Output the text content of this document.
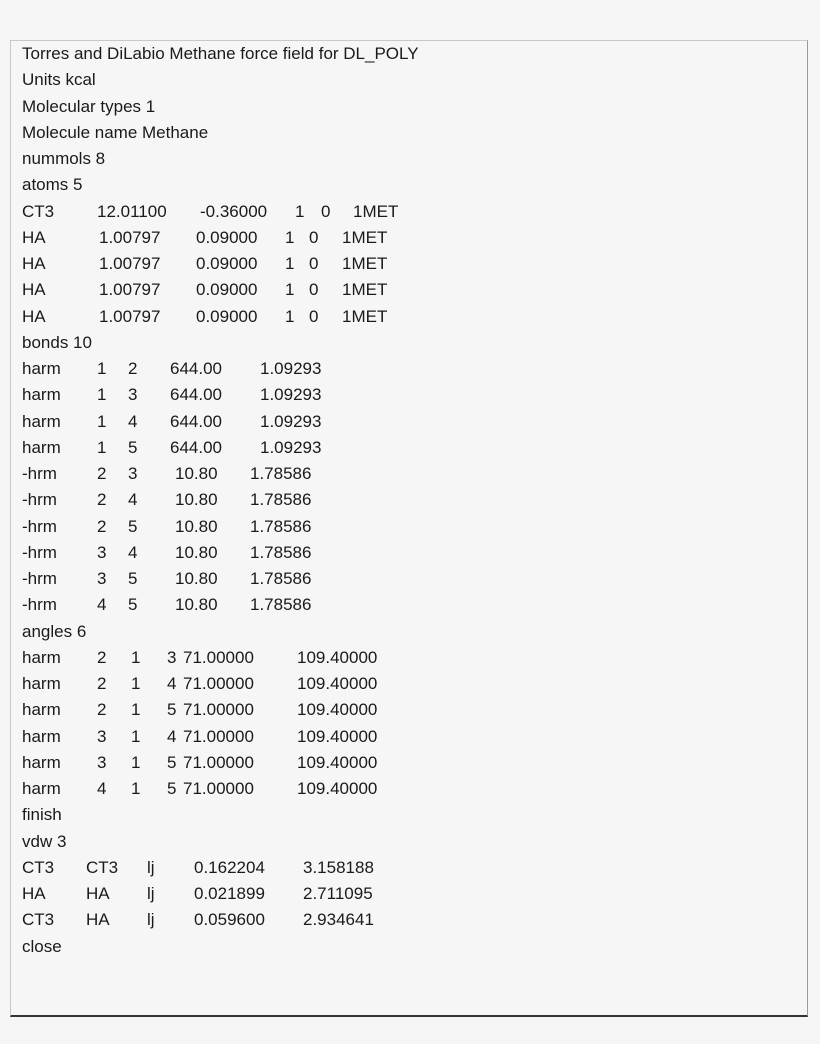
Torres and DiLabio Methane force field for DL_POLY
Units kcal
Molecular types 1
Molecule name Methane
nummols 8
atoms 5
CT3	12.01100 -0.36000 1 0 1MET
HA	1.00797 0.09000 1 0 1MET
HA	1.00797 0.09000 1 0 1MET
HA	1.00797 0.09000 1 0 1MET
HA	1.00797 0.09000 1 0 1MET
bonds 10
harm 1 2 644.00 1.09293
harm 1 3 644.00 1.09293
harm 1 4 644.00 1.09293
harm 1 5 644.00 1.09293
-hrm 2 3 10.80 1.78586
-hrm 2 4 10.80 1.78586
-hrm 2 5 10.80 1.78586
-hrm 3 4 10.80 1.78586
-hrm 3 5 10.80 1.78586
-hrm 4 5 10.80 1.78586
angles 6
harm 2 1 3 71.00000	109.40000
harm 2 1 4 71.00000	109.40000
harm 2 1 5 71.00000	109.40000
harm 3 1 4 71.00000	109.40000
harm 3 1 5 71.00000	109.40000
harm 4 1 5 71.00000	109.40000
finish
vdw 3
CT3 CT3 lj 0.162204 3.158188
HA HA lj 0.021899 2.711095
CT3 HA lj 0.059600 2.934641
close
